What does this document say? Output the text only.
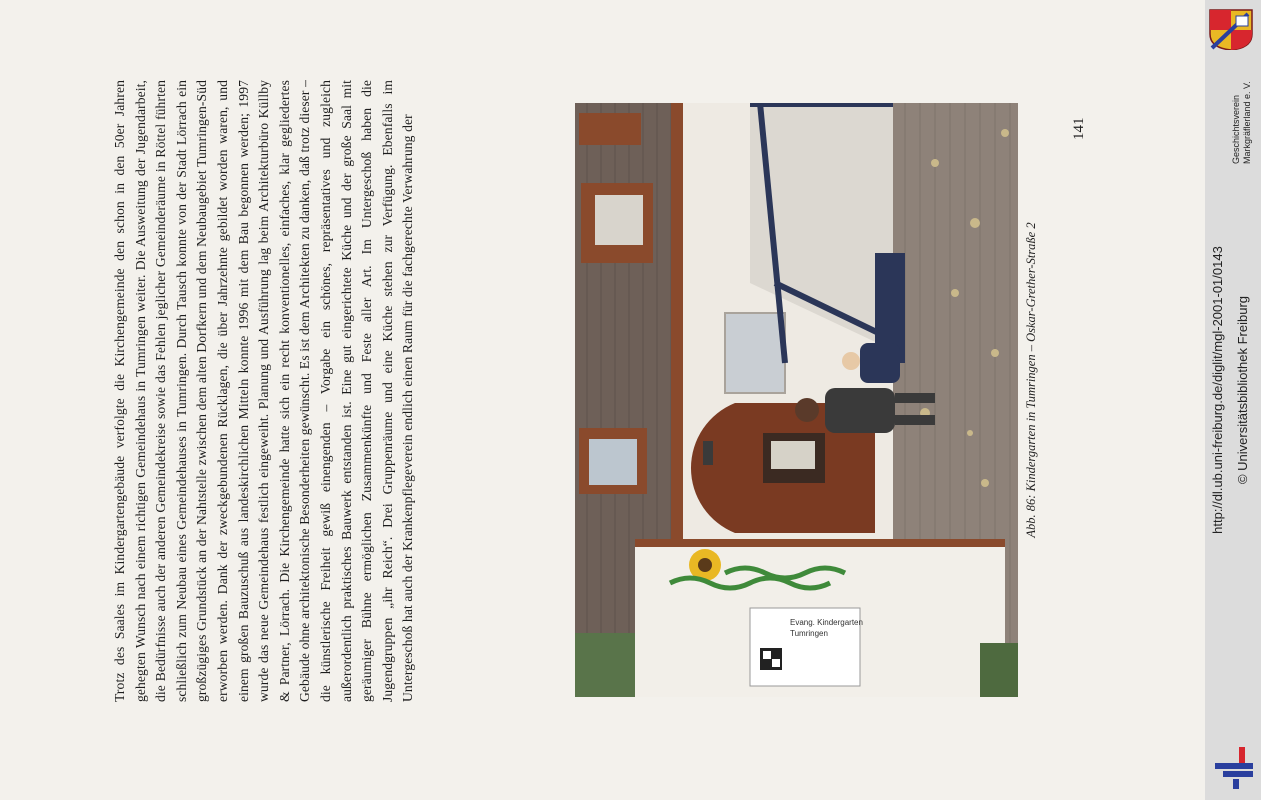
Trotz des Saales im Kindergartengebäude verfolgte die Kirchengemeinde den schon in den 50er Jahren gehegten Wunsch nach einem richtigen Gemeindehaus in Tumringen weiter. Die Ausweitung der Jugendarbeit, die Bedürfnisse auch der anderen Gemeindekreise sowie das Fehlen jeglicher Gemeinderäume in Röttel führten schließlich zum Neubau eines Gemeindehauses in Tumringen. Durch Tausch konnte von der Stadt Lörrach ein großzügiges Grundstück an der Nahtstelle zwischen dem alten Dorfkern und dem Neubaugebiet Tumringen-Süd erworben werden. Dank der zweckgebundenen Rücklagen, die über Jahrzehnte gebildet worden waren, und einem großen Bauzuschuß aus landeskirchlichen Mitteln konnte 1996 mit dem Bau begonnen werden; 1997 wurde das neue Gemeindehaus festlich eingeweiht. Planung und Ausführung lag beim Architekturbüro Küllby & Partner, Lörrach. Die Kirchengemeinde hatte sich ein recht konventionelles, einfaches, klar gegliedertes Gebäude ohne architektonische Besonderheiten gewünscht. Es ist dem Architekten zu danken, daß trotz dieser – die künstlerische Freiheit gewiß einengenden – Vorgabe ein schönes, repräsentatives und zugleich außerordentlich praktisches Bauwerk entstanden ist. Eine gut eingerichtete Küche und der große Saal mit geräumiger Bühne ermöglichen Zusammenkünfte und Feste aller Art. Im Untergeschoß haben die Jugendgruppen „ihr Reich“. Drei Gruppenräume und eine Küche stehen zur Verfügung. Ebenfalls im Untergeschoß hat auch der Krankenpflegeverein endlich einen Raum für die fachgerechte Verwahrung der	Evang. Kindergarten
Tumringen
Abb. 86: Kindergarten in Tumringen – Oskar-Grether-Straße 2
141	Geschichtsverein Markgräflerland e. V.
http://dl.ub.uni-freiburg.de/diglit/mgl-2001-01/0143 © Universitätsbibliothek Freiburg
